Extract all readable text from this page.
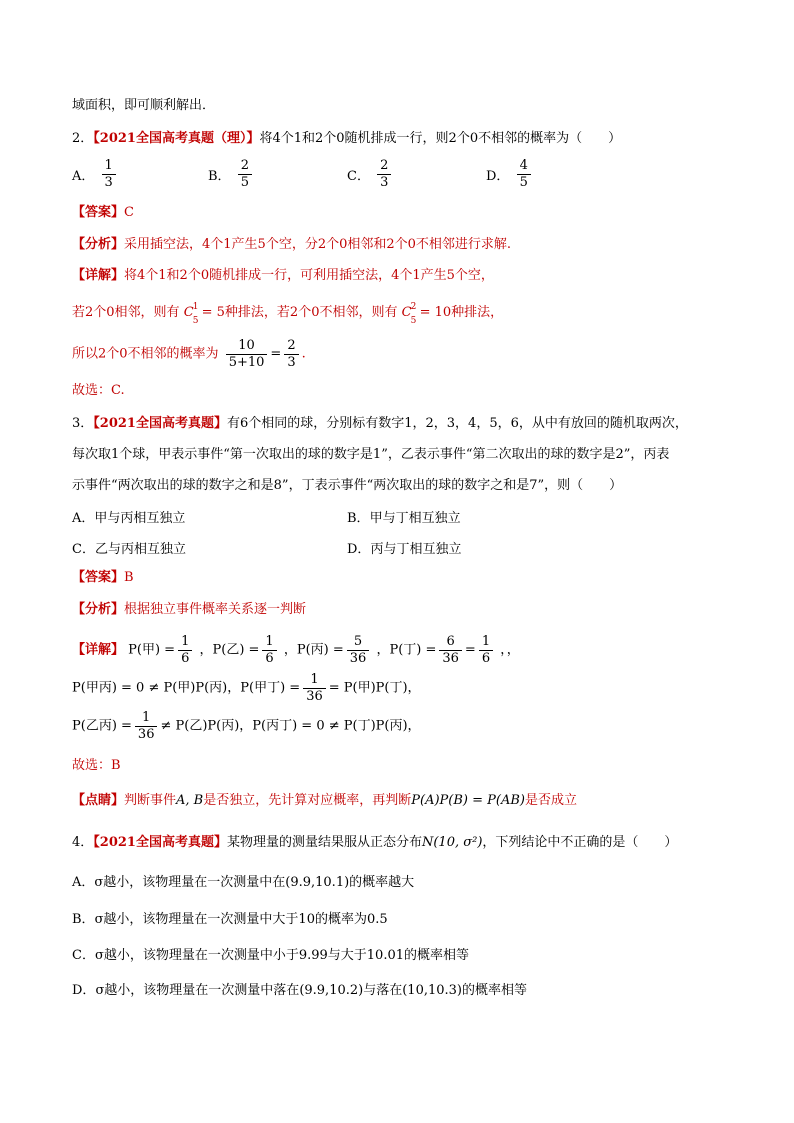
域面积，即可顺利解出．
2．【2021全国高考真题（理）】将4个1和2个0随机排成一行，则2个0不相邻的概率为（　　）
A． $\frac{1}{3}$	B． $\frac{2}{5}$	C． $\frac{2}{3}$	D． $\frac{4}{5}$
【答案】C
【分析】采用插空法，4个1产生5个空，分2个0相邻和2个0不相邻进行求解.
【详解】将4个1和2个0随机排成一行，可利用插空法，4个1产生5个空，
若2个0相邻，则有 C 1
5
= 5种排法，若2个0不相邻，则有 C 2
5
= 10种排法，
所以2个0不相邻的概率为 $\frac{10}{5+10} = \frac{2}{3}$ .
故选：C.
3．【2021全国高考真题】有6个相同的球，分别标有数字1，2，3，4，5，6，从中有放回的随机取两次，
每次取1个球，甲表示事件“第一次取出的球的数字是1”，乙表示事件“第二次取出的球的数字是2”，丙表
示事件“两次取出的球的数字之和是8”，丁表示事件“两次取出的球的数字之和是7”，则（　　）
A．甲与丙相互独立	B．甲与丁相互独立
C．乙与丙相互独立	D．丙与丁相互独立
【答案】B
【分析】根据独立事件概率关系逐一判断
【详解】 P(甲) = $\frac{1}{6}$ ，P(乙) = $\frac{1}{6}$ ，P(丙) = $\frac{5}{36}$ ，P(丁) = $\frac{6}{36} = \frac{1}{6}$ ，，
P(甲丙) = 0 ≠ P(甲)P(丙)，P(甲丁) = $\frac{1}{36} = P$(甲)P(丁)，
P(乙丙) = $\frac{1}{36} \ne P$(乙)P(丙)，P(丙丁) = 0 ≠ P(丁)P(丙)，
故选：B
【点睛】判断事件A, B是否独立，先计算对应概率，再判断P(A)P(B) = P(AB)是否成立
4．【2021全国高考真题】某物理量的测量结果服从正态分布N(10, σ²)，下列结论中不正确的是（　　）
A．σ越小，该物理量在一次测量中在(9.9,10.1)的概率越大
B．σ越小，该物理量在一次测量中大于10的概率为0.5
C．σ越小，该物理量在一次测量中小于9.99与大于10.01的概率相等
D．σ越小，该物理量在一次测量中落在(9.9,10.2)与落在(10,10.3)的概率相等
